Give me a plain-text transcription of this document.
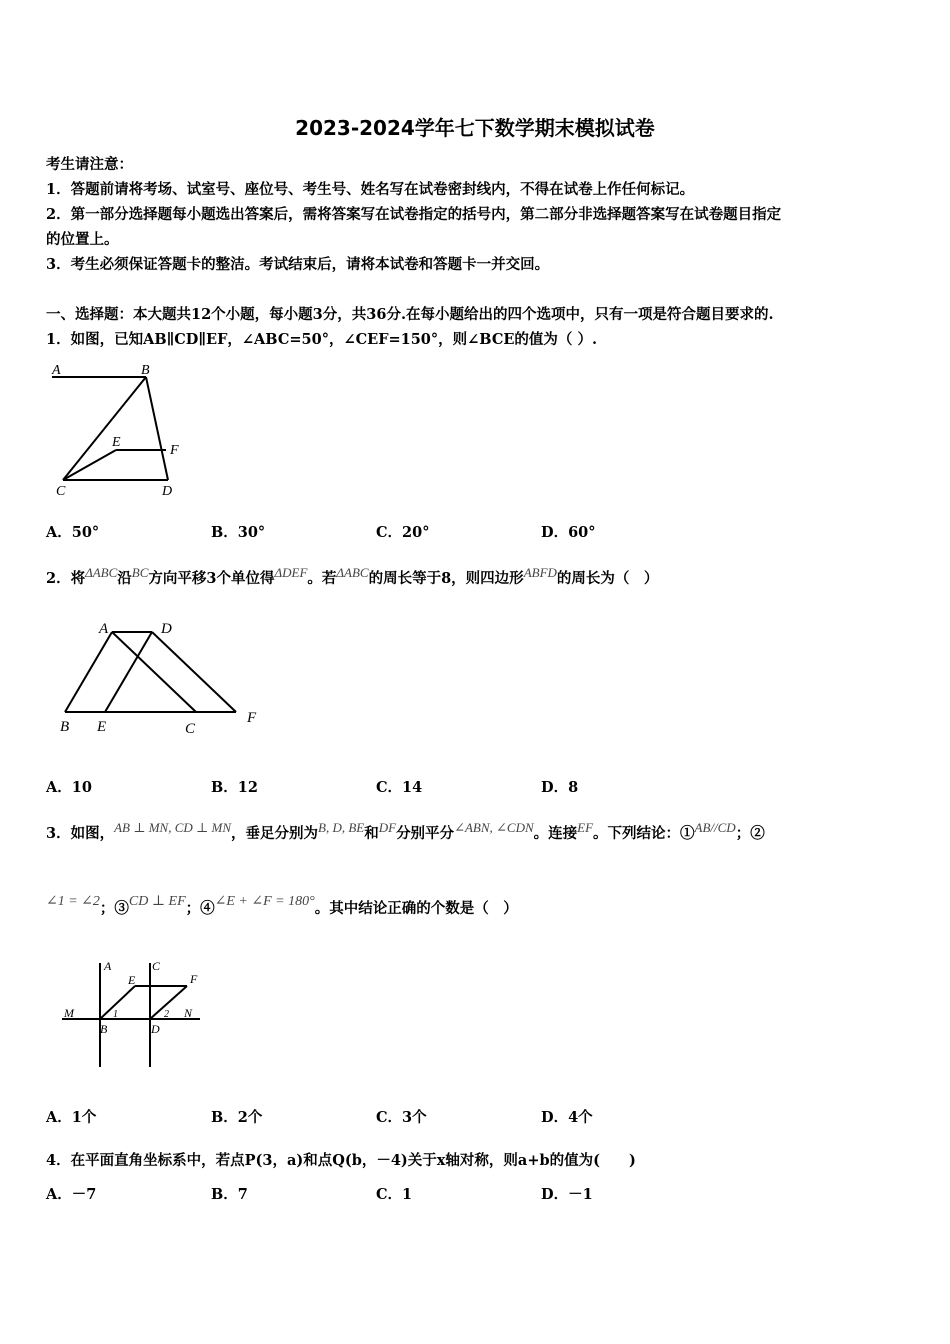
2023-2024学年七下数学期末模拟试卷
考生请注意：
1．答题前请将考场、试室号、座位号、考生号、姓名写在试卷密封线内，不得在试卷上作任何标记。
2．第一部分选择题每小题选出答案后，需将答案写在试卷指定的括号内，第二部分非选择题答案写在试卷题目指定
的位置上。
3．考生必须保证答题卡的整洁。考试结束后，请将本试卷和答题卡一并交回。
一、选择题：本大题共12个小题，每小题3分，共36分.在每小题给出的四个选项中，只有一项是符合题目要求的.
1．如图，已知AB∥CD∥EF，∠ABC=50°，∠CEF=150°，则∠BCE的值为（ ）.
A	B
C	D
E
F
A．50°	B．30°	C．20°	D．60°
2．将ΔABC沿BC方向平移3个单位得ΔDEF。若ΔABC的周长等于8，则四边形ABFD的周长为（　）
A	D
B E	C
F
A．10	B．12	C．14	D．8
3．如图，AB ⊥ MN, CD ⊥ MN，垂足分别为B, D, BE和DF分别平分∠ABN, ∠CDN。连接EF。下列结论：①AB//CD；②
∠1 = ∠2；③CD ⊥ EF；④∠E + ∠F = 180°。其中结论正确的个数是（　）
A	C
E	F
M	N
B	D
1	2
A．1个	B．2个	C．3个	D．4个
4．在平面直角坐标系中，若点P(3，a)和点Q(b，－4)关于x轴对称，则a+b的值为(　　)
A．－7	B．7	C．1	D．－1
